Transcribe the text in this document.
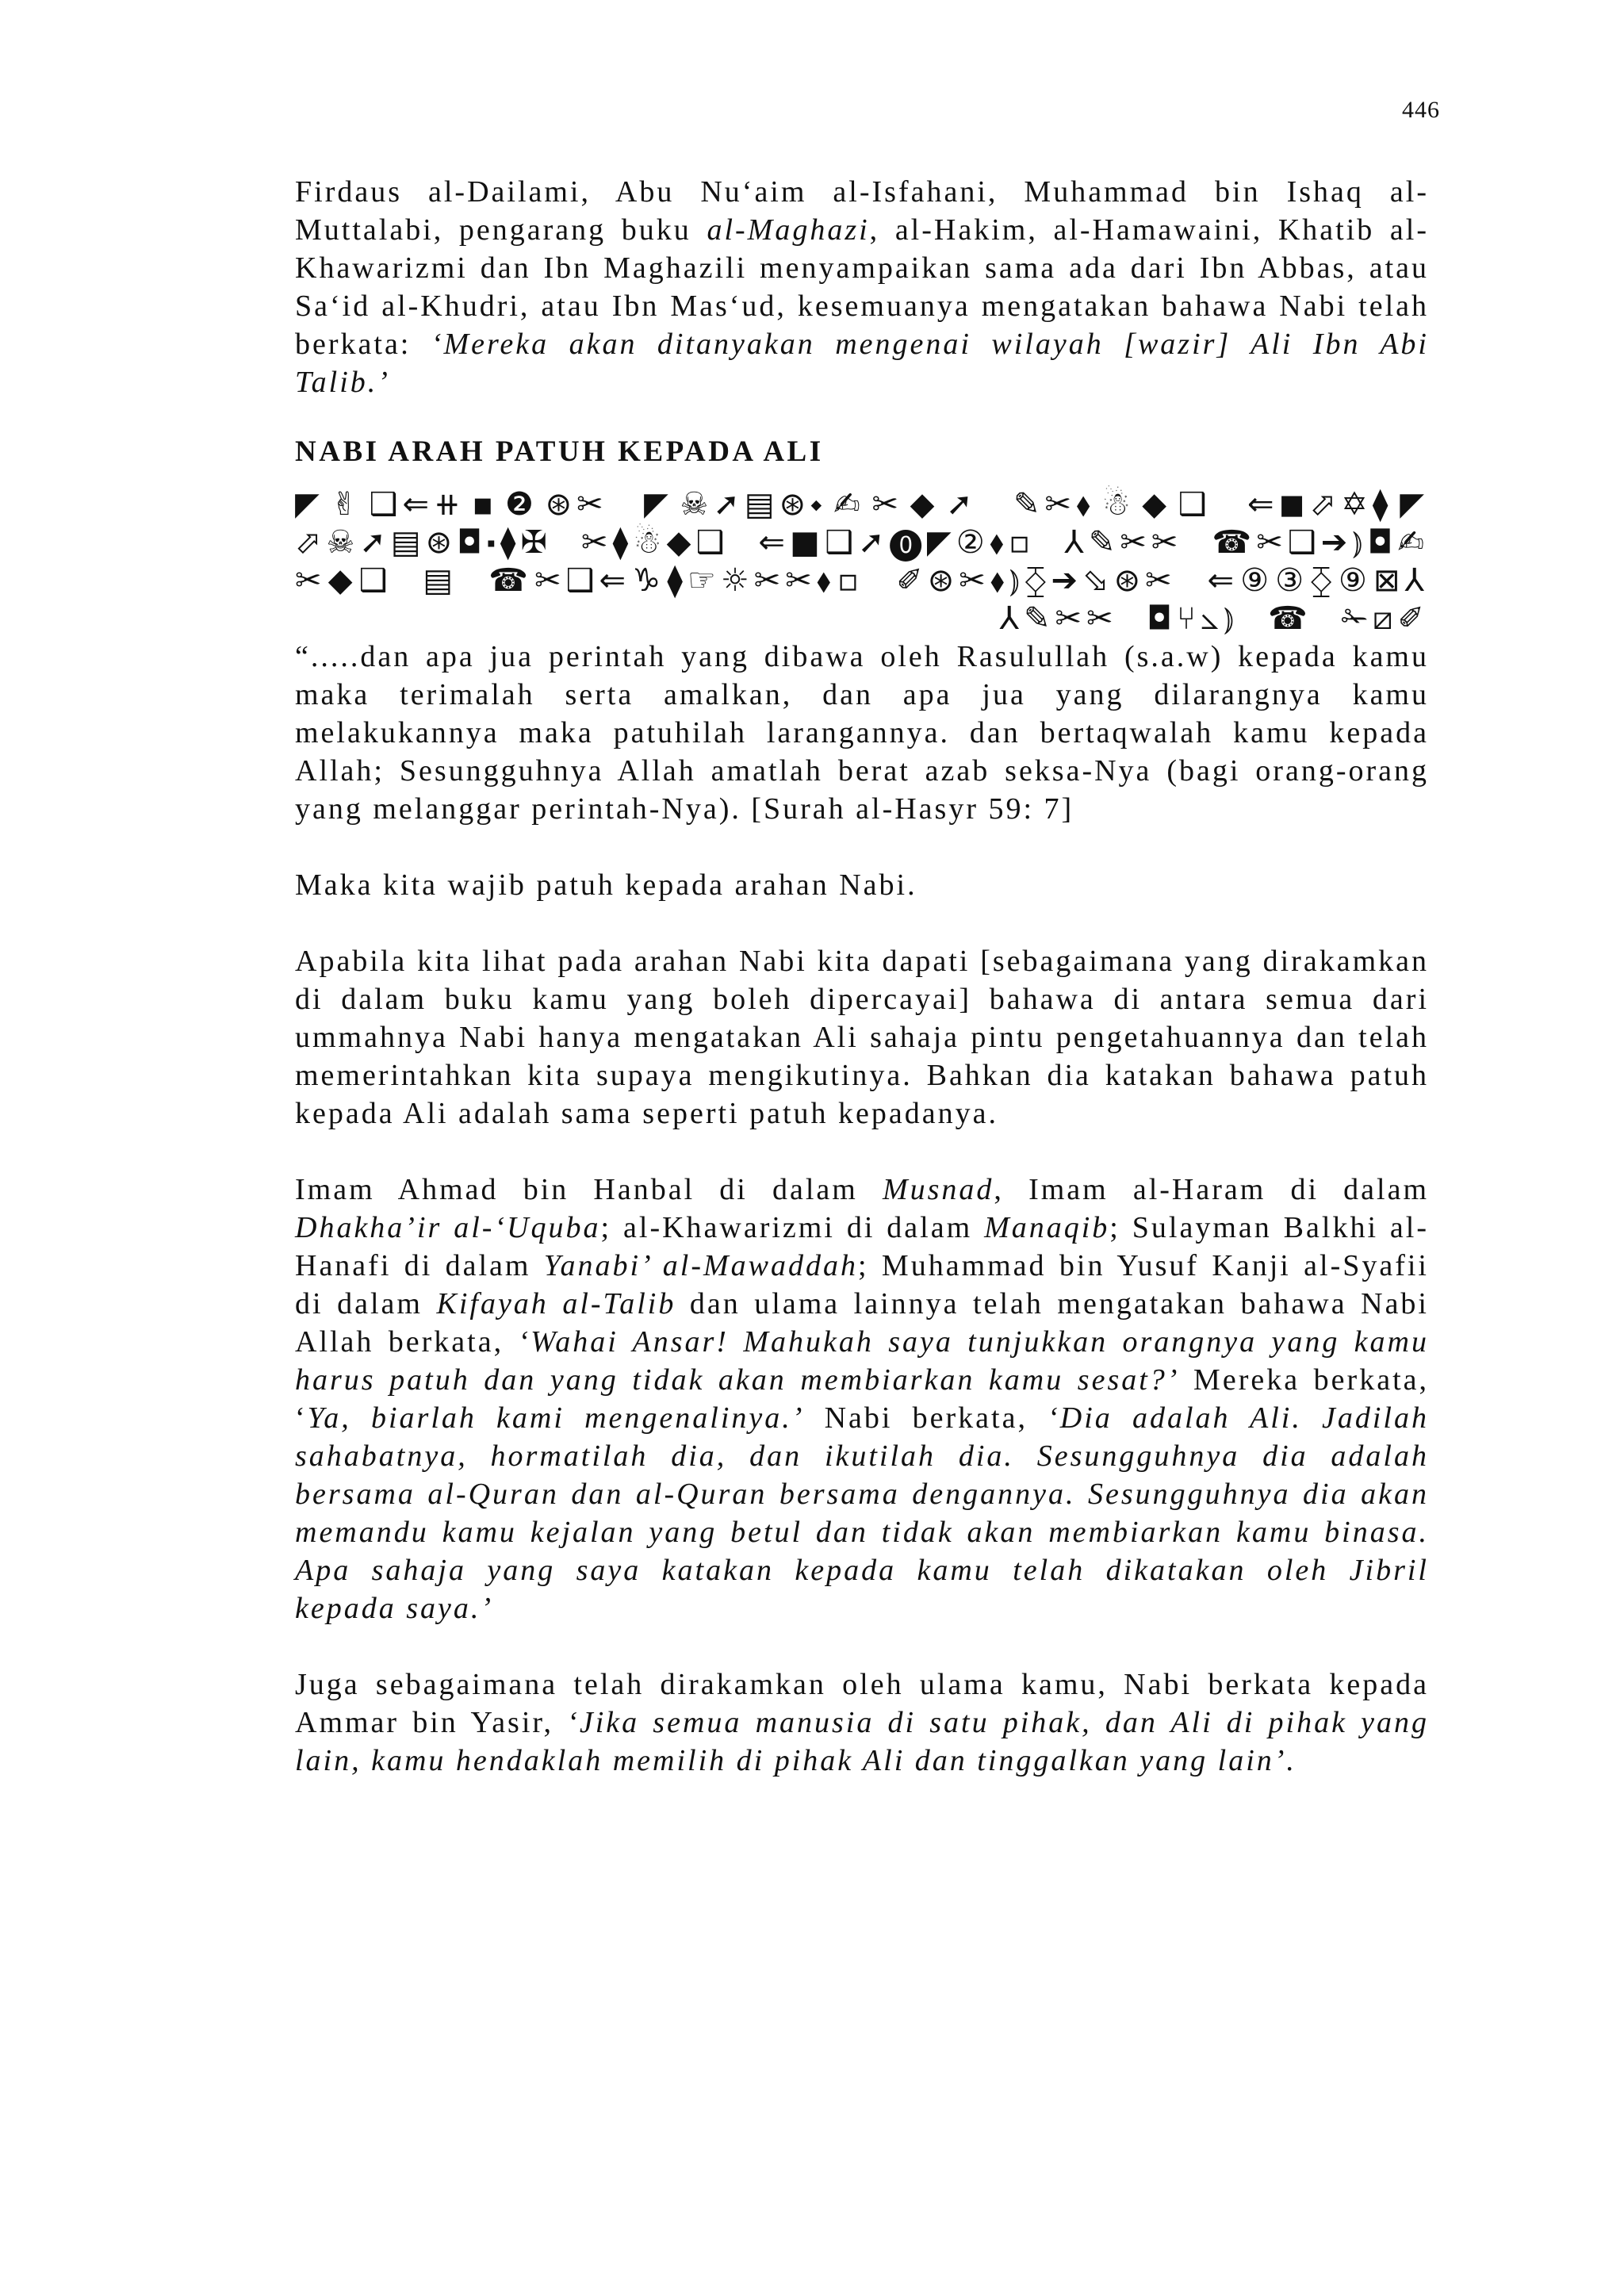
446

Firdaus al-Dailami, Abu Nu‘aim al-Isfahani, Muhammad bin Ishaq al-Muttalabi, pengarang buku al-Maghazi, al-Hakim, al-Hamawaini, Khatib al-Khawarizmi dan Ibn Maghazili menyampaikan sama ada dari Ibn Abbas, atau Sa‘id al-Khudri, atau Ibn Mas‘ud, kesemuanya mengatakan bahawa Nabi telah berkata: ‘Mereka akan ditanyakan mengenai wilayah [wazir] Ali Ibn Abi Talib.’

NABI ARAH PATUH KEPADA ALI

◤✌❑⇐⧺▪❷⊛✂ ◤☠➚▤⊛⬩✍✂◆➚ ✎✂⬧☃◆❑ ⇐◼⬀✡⧫◤ ⬀☠➚▤⊛◘⬝⧫✠ ✂⧫☃◆❑ ⇐■❑➚⓿◤②⬧▫ ⅄✎✂✂ ☎✂❑➔⦆◘✍✂◆❑ ▤ ☎✂❑⇐♑⧫☞☼✂✂⬧▫ ✐⊛✂⬧⦆⧰➔⬂⊛✂ ⇐⑨③⧰⑨⊠⅄ ⅄✎✂✂ ◘⑂⦣⦆ ☎ ✁⧄✐

“.....dan apa jua perintah yang dibawa oleh Rasulullah (s.a.w) kepada kamu maka terimalah serta amalkan, dan apa jua yang dilarangnya kamu melakukannya maka patuhilah larangannya. dan bertaqwalah kamu kepada Allah; Sesungguhnya Allah amatlah berat azab seksa-Nya (bagi orang-orang yang melanggar perintah-Nya). [Surah al-Hasyr 59: 7]

Maka kita wajib patuh kepada arahan Nabi.

Apabila kita lihat pada arahan Nabi kita dapati [sebagaimana yang dirakamkan di dalam buku kamu yang boleh dipercayai] bahawa di antara semua dari ummahnya Nabi hanya mengatakan Ali sahaja pintu pengetahuannya dan telah memerintahkan kita supaya mengikutinya. Bahkan dia katakan bahawa patuh kepada Ali adalah sama seperti patuh kepadanya.

Imam Ahmad bin Hanbal di dalam Musnad, Imam al-Haram di dalam Dhakha’ir al-‘Uquba; al-Khawarizmi di dalam Manaqib; Sulayman Balkhi al-Hanafi di dalam Yanabi’ al-Mawaddah; Muhammad bin Yusuf Kanji al-Syafii di dalam Kifayah al-Talib dan ulama lainnya telah mengatakan bahawa Nabi Allah berkata, ‘Wahai Ansar! Mahukah saya tunjukkan orangnya yang kamu harus patuh dan yang tidak akan membiarkan kamu sesat?’ Mereka berkata, ‘Ya, biarlah kami mengenalinya.’ Nabi berkata, ‘Dia adalah Ali. Jadilah sahabatnya, hormatilah dia, dan ikutilah dia. Sesungguhnya dia adalah bersama al-Quran dan al-Quran bersama dengannya. Sesungguhnya dia akan memandu kamu kejalan yang betul dan tidak akan membiarkan kamu binasa. Apa sahaja yang saya katakan kepada kamu telah dikatakan oleh Jibril kepada saya.’

Juga sebagaimana telah dirakamkan oleh ulama kamu, Nabi berkata kepada Ammar bin Yasir, ‘Jika semua manusia di satu pihak, dan Ali di pihak yang lain, kamu hendaklah memilih di pihak Ali dan tinggalkan yang lain’.
